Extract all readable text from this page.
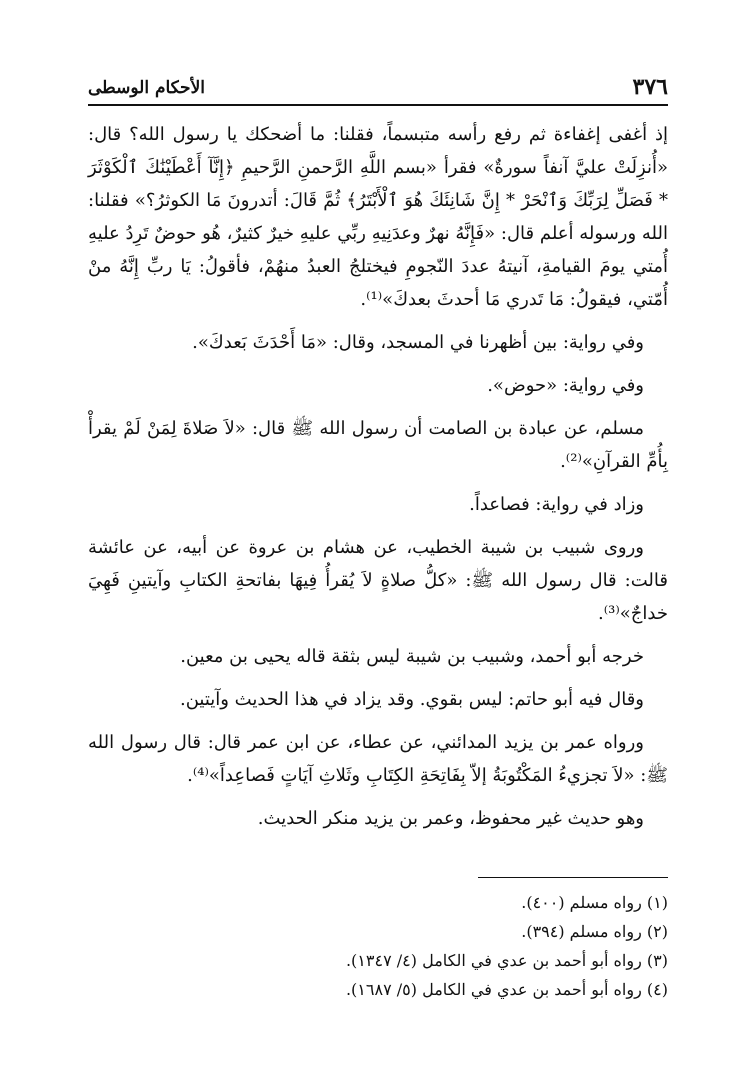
٣٧٦
الأحكام الوسطى

إذ أغفى إغفاءة ثم رفع رأسه متبسماً، فقلنا: ما أضحكك يا رسول الله؟ قال: «أُنزِلَتْ عليَّ آنفاً سورةٌ» فقرأ «بسم اللَّهِ الرَّحمنِ الرَّحيمِ ﴿إِنَّآ أَعْطَيْنَٰكَ ٱلْكَوْثَرَ * فَصَلِّ لِرَبِّكَ وَٱنْحَرْ * إِنَّ شَانِئَكَ هُوَ ٱلْأَبْتَرُ﴾ ثُمَّ قَالَ: أتدرونَ مَا الكوثرُ؟» فقلنا: الله ورسوله أعلم قال: «فَإِنَّهُ نهرٌ وعدَنِيهِ ربِّي عليهِ خيرٌ كثيرٌ، هُو حوضٌ تَرِدُ عليهِ أُمتي يومَ القيامةِ، آنيتهُ عددَ النّجومِ فيختلجُ العبدُ منهُمْ، فأقولُ: يَا ربِّ إِنَّهُ منْ أُمّتي، فيقولُ: مَا تَدري مَا أحدثَ بعدكَ»⁽¹⁾.

وفي رواية: بين أظهرنا في المسجد، وقال: «مَا أَحْدَثَ بَعدكَ».

وفي رواية: «حوض».

مسلم، عن عبادة بن الصامت أن رسول الله ﷺ قال: «لاَ صَلاةَ لِمَنْ لَمْ يقرأْ بِأُمِّ القرآنِ»⁽²⁾.

وزاد في رواية: فصاعداً.

وروى شبيب بن شيبة الخطيب، عن هشام بن عروة عن أبيه، عن عائشة قالت: قال رسول الله ﷺ: «كلُّ صلاةٍ لاَ يُقرأُ فِيهَا بفاتحةِ الكتابِ وآيتينِ فَهِيَ خداجٌ»⁽³⁾.

خرجه أبو أحمد، وشبيب بن شيبة ليس بثقة قاله يحيى بن معين.

وقال فيه أبو حاتم: ليس بقوي. وقد يزاد في هذا الحديث وآيتين.

ورواه عمر بن يزيد المدائني، عن عطاء، عن ابن عمر قال: قال رسول الله ﷺ: «لاَ تجزيءُ المَكْتُوبَةُ إلاّ بِفَاتِحَةِ الكِتَابِ وثَلاثِ آيَاتٍ فَصاعِداً»⁽⁴⁾.

وهو حديث غير محفوظ، وعمر بن يزيد منكر الحديث.

(١) رواه مسلم (٤٠٠).

(٢) رواه مسلم (٣٩٤).

(٣) رواه أبو أحمد بن عدي في الكامل (٤/ ١٣٤٧).

(٤) رواه أبو أحمد بن عدي في الكامل (٥/ ١٦٨٧).
